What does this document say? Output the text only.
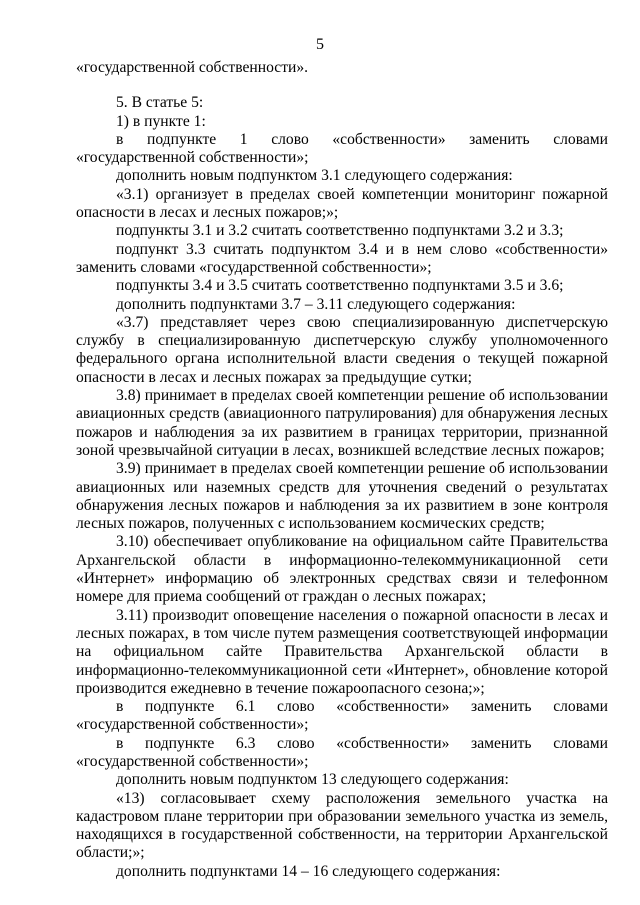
5

«государственной собственности».

5. В статье 5:

1) в пункте 1:

в подпункте 1 слово «собственности» заменить словами «государственной собственности»;

дополнить новым подпунктом 3.1 следующего содержания:

«3.1) организует в пределах своей компетенции мониторинг пожарной опасности в лесах и лесных пожаров;»;

подпункты 3.1 и 3.2 считать соответственно подпунктами 3.2 и 3.3;

подпункт 3.3 считать подпунктом 3.4 и в нем слово «собственности» заменить словами «государственной собственности»;

подпункты 3.4 и 3.5 считать соответственно подпунктами 3.5 и 3.6;

дополнить подпунктами 3.7 – 3.11 следующего содержания:

«3.7) представляет через свою специализированную диспетчерскую службу в специализированную диспетчерскую службу уполномоченного федерального органа исполнительной власти сведения о текущей пожарной опасности в лесах и лесных пожарах за предыдущие сутки;

3.8) принимает в пределах своей компетенции решение об использовании авиационных средств (авиационного патрулирования) для обнаружения лесных пожаров и наблюдения за их развитием в границах территории, признанной зоной чрезвычайной ситуации в лесах, возникшей вследствие лесных пожаров;

3.9) принимает в пределах своей компетенции решение об использовании авиационных или наземных средств для уточнения сведений о результатах обнаружения лесных пожаров и наблюдения за их развитием в зоне контроля лесных пожаров, полученных с использованием космических средств;

3.10) обеспечивает опубликование на официальном сайте Правительства Архангельской области в информационно-телекоммуникационной сети «Интернет» информацию об электронных средствах связи и телефонном номере для приема сообщений от граждан о лесных пожарах;

3.11) производит оповещение населения о пожарной опасности в лесах и лесных пожарах, в том числе путем размещения соответствующей информации на официальном сайте Правительства Архангельской области в информационно-телекоммуникационной сети «Интернет», обновление которой производится ежедневно в течение пожароопасного сезона;»;

в подпункте 6.1 слово «собственности» заменить словами «государственной собственности»;

в подпункте 6.3 слово «собственности» заменить словами «государственной собственности»;

дополнить новым подпунктом 13 следующего содержания:

«13) согласовывает схему расположения земельного участка на кадастровом плане территории при образовании земельного участка из земель, находящихся в государственной собственности, на территории Архангельской области;»;

дополнить подпунктами 14 – 16 следующего содержания:
